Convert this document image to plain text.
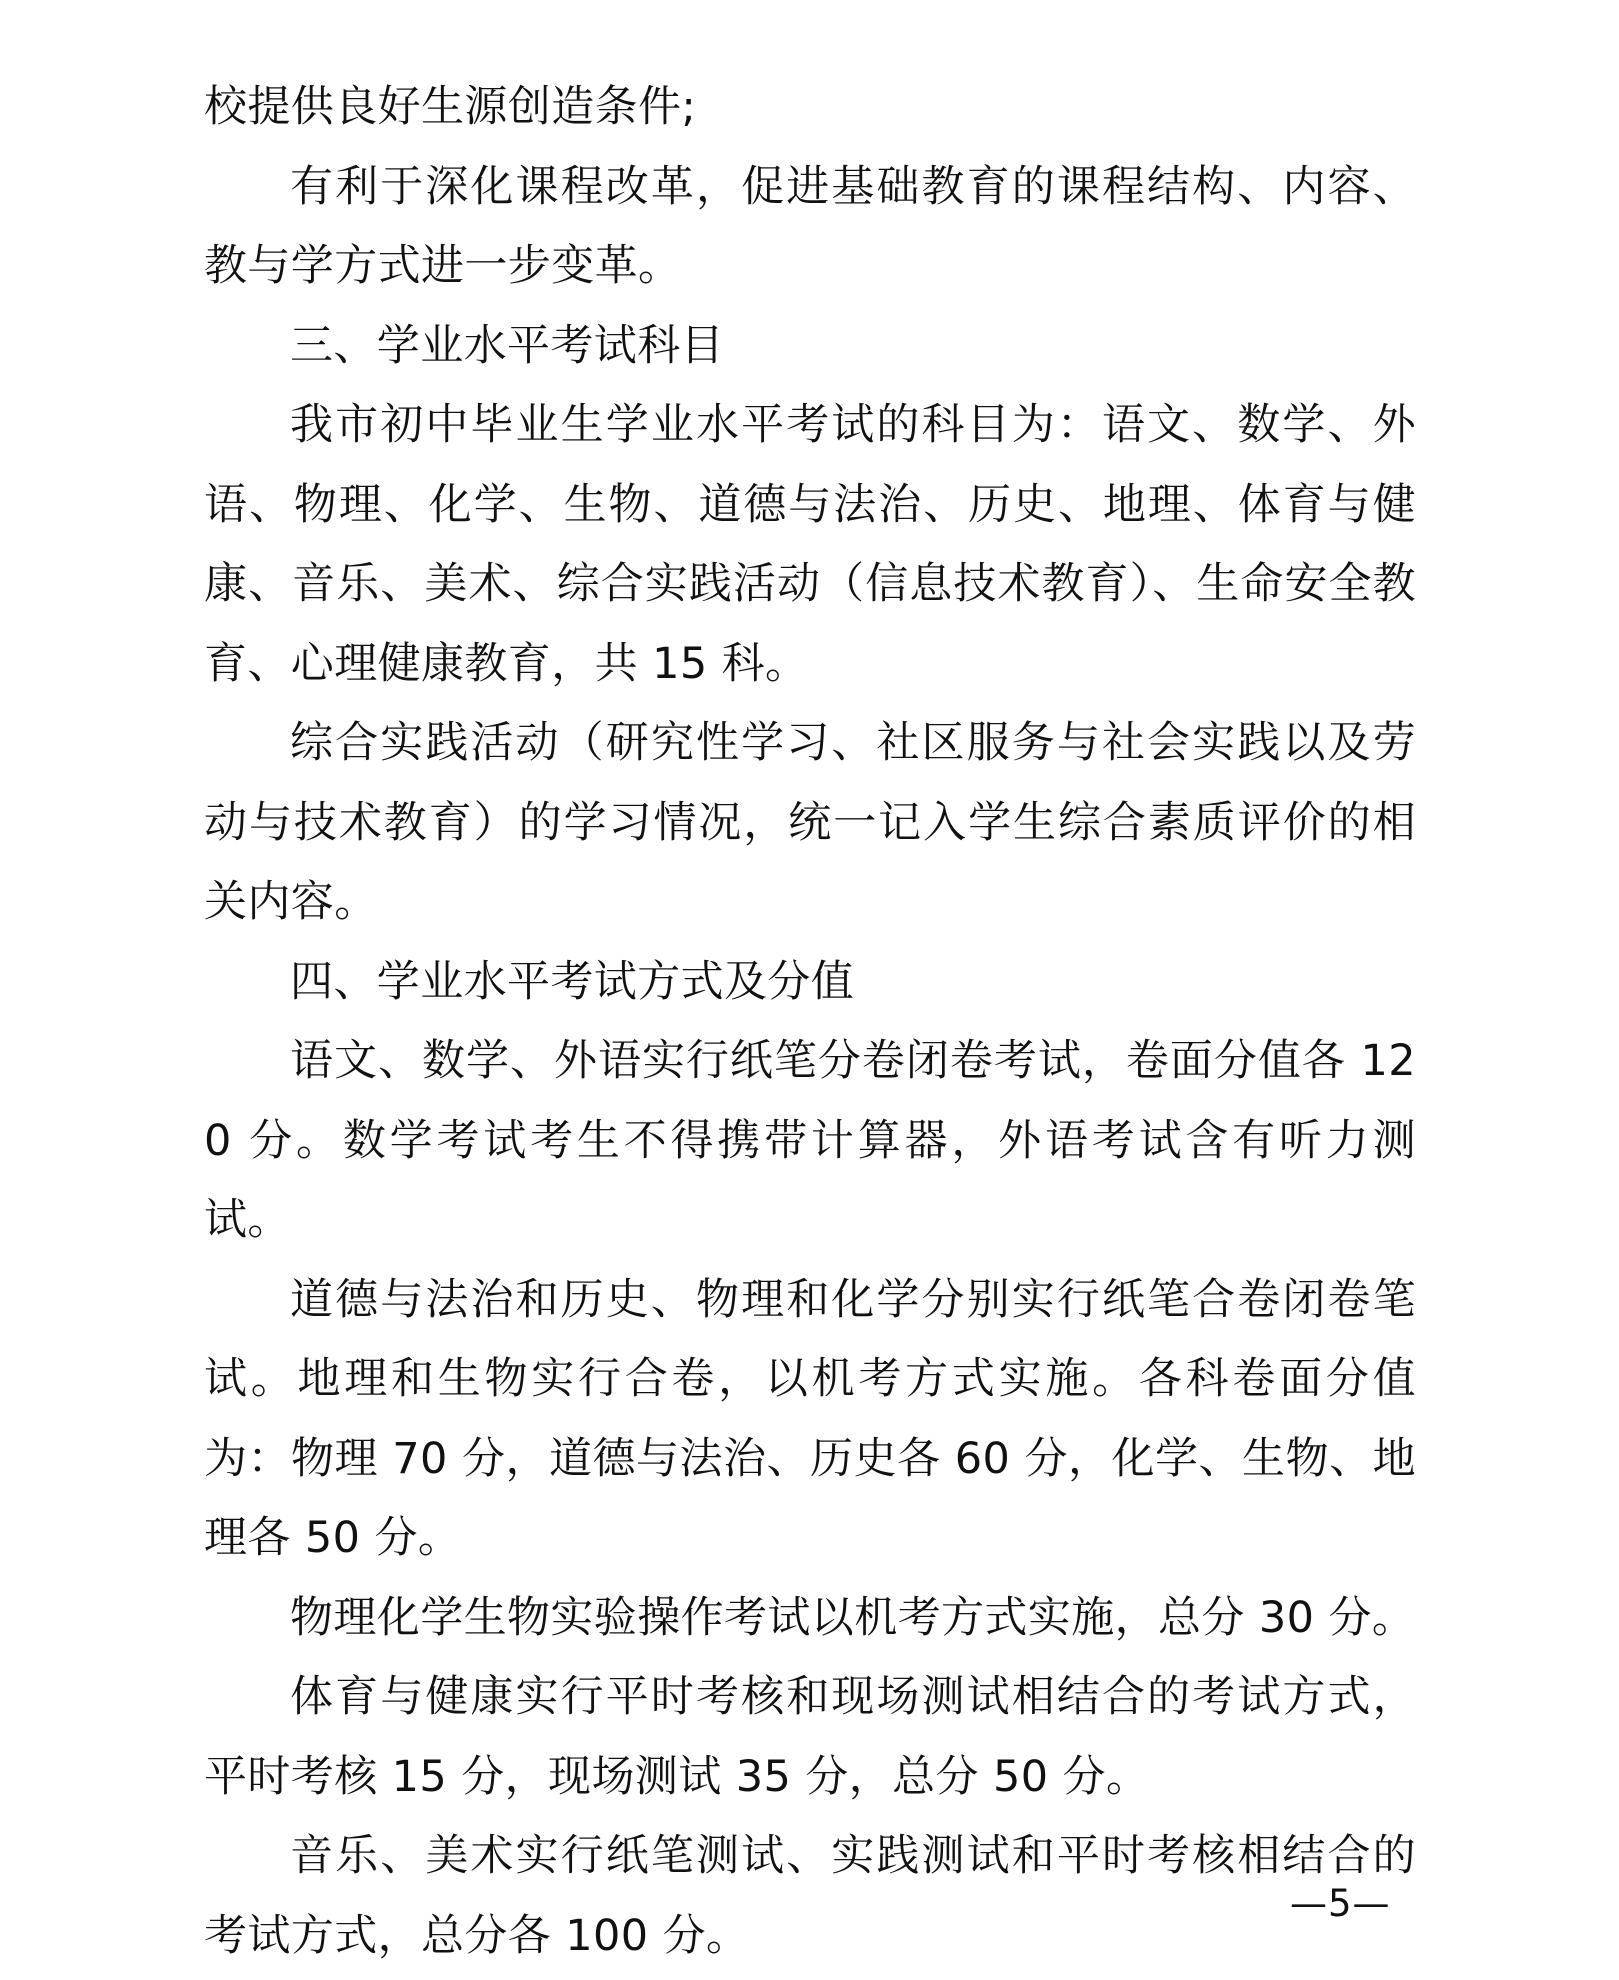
校提供良好生源创造条件;

有利于深化课程改革，促进基础教育的课程结构、内容、教与学方式进一步变革。

三、学业水平考试科目

我市初中毕业生学业水平考试的科目为：语文、数学、外语、物理、化学、生物、道德与法治、历史、地理、体育与健康、音乐、美术、综合实践活动（信息技术教育）、生命安全教育、心理健康教育，共 15 科。

综合实践活动（研究性学习、社区服务与社会实践以及劳动与技术教育）的学习情况，统一记入学生综合素质评价的相关内容。

四、学业水平考试方式及分值

语文、数学、外语实行纸笔分卷闭卷考试，卷面分值各 120 分。数学考试考生不得携带计算器，外语考试含有听力测试。

道德与法治和历史、物理和化学分别实行纸笔合卷闭卷笔试。地理和生物实行合卷，以机考方式实施。各科卷面分值为：物理 70 分，道德与法治、历史各 60 分，化学、生物、地理各 50 分。

物理化学生物实验操作考试以机考方式实施，总分 30 分。

体育与健康实行平时考核和现场测试相结合的考试方式，平时考核 15 分，现场测试 35 分，总分 50 分。

音乐、美术实行纸笔测试、实践测试和平时考核相结合的考试方式，总分各 100 分。

—5—
